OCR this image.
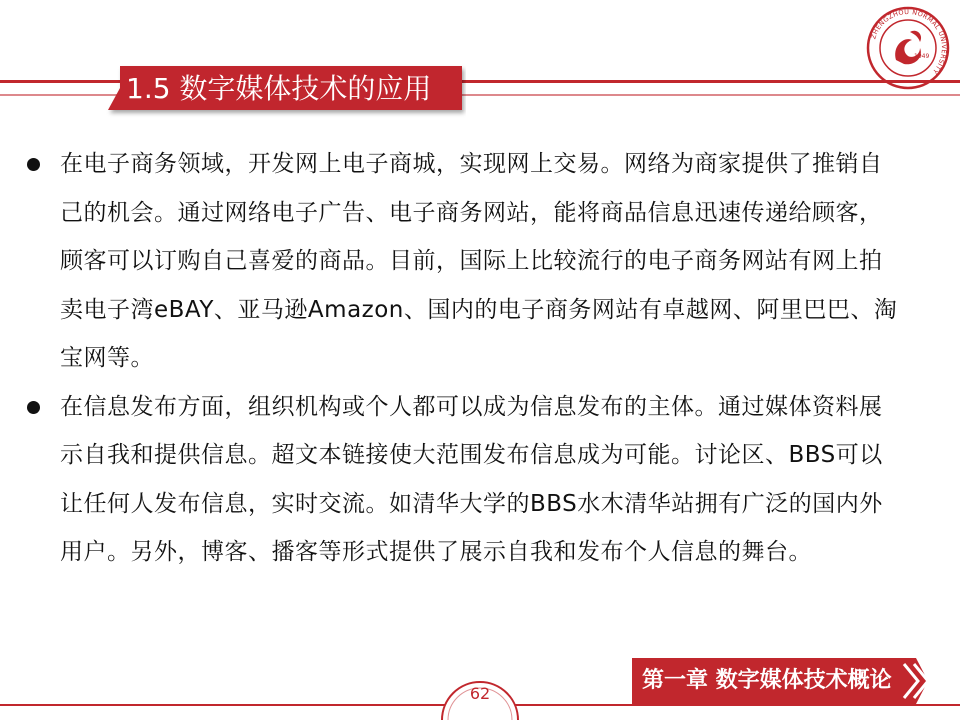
1.5 数字媒体技术的应用
ZHENGZHOU NORMAL UNIVERSITY
1949
在电子商务领域，开发网上电子商城，实现网上交易。网络为商家提供了推销自己的机会。通过网络电子广告、电子商务网站，能将商品信息迅速传递给顾客，顾客可以订购自己喜爱的商品。目前，国际上比较流行的电子商务网站有网上拍卖电子湾eBAY、亚马逊Amazon、国内的电子商务网站有卓越网、阿里巴巴、淘宝网等。
在信息发布方面，组织机构或个人都可以成为信息发布的主体。通过媒体资料展示自我和提供信息。超文本链接使大范围发布信息成为可能。讨论区、BBS可以让任何人发布信息，实时交流。如清华大学的BBS水木清华站拥有广泛的国内外用户。另外，博客、播客等形式提供了展示自我和发布个人信息的舞台。
62
第一章 数字媒体技术概论
